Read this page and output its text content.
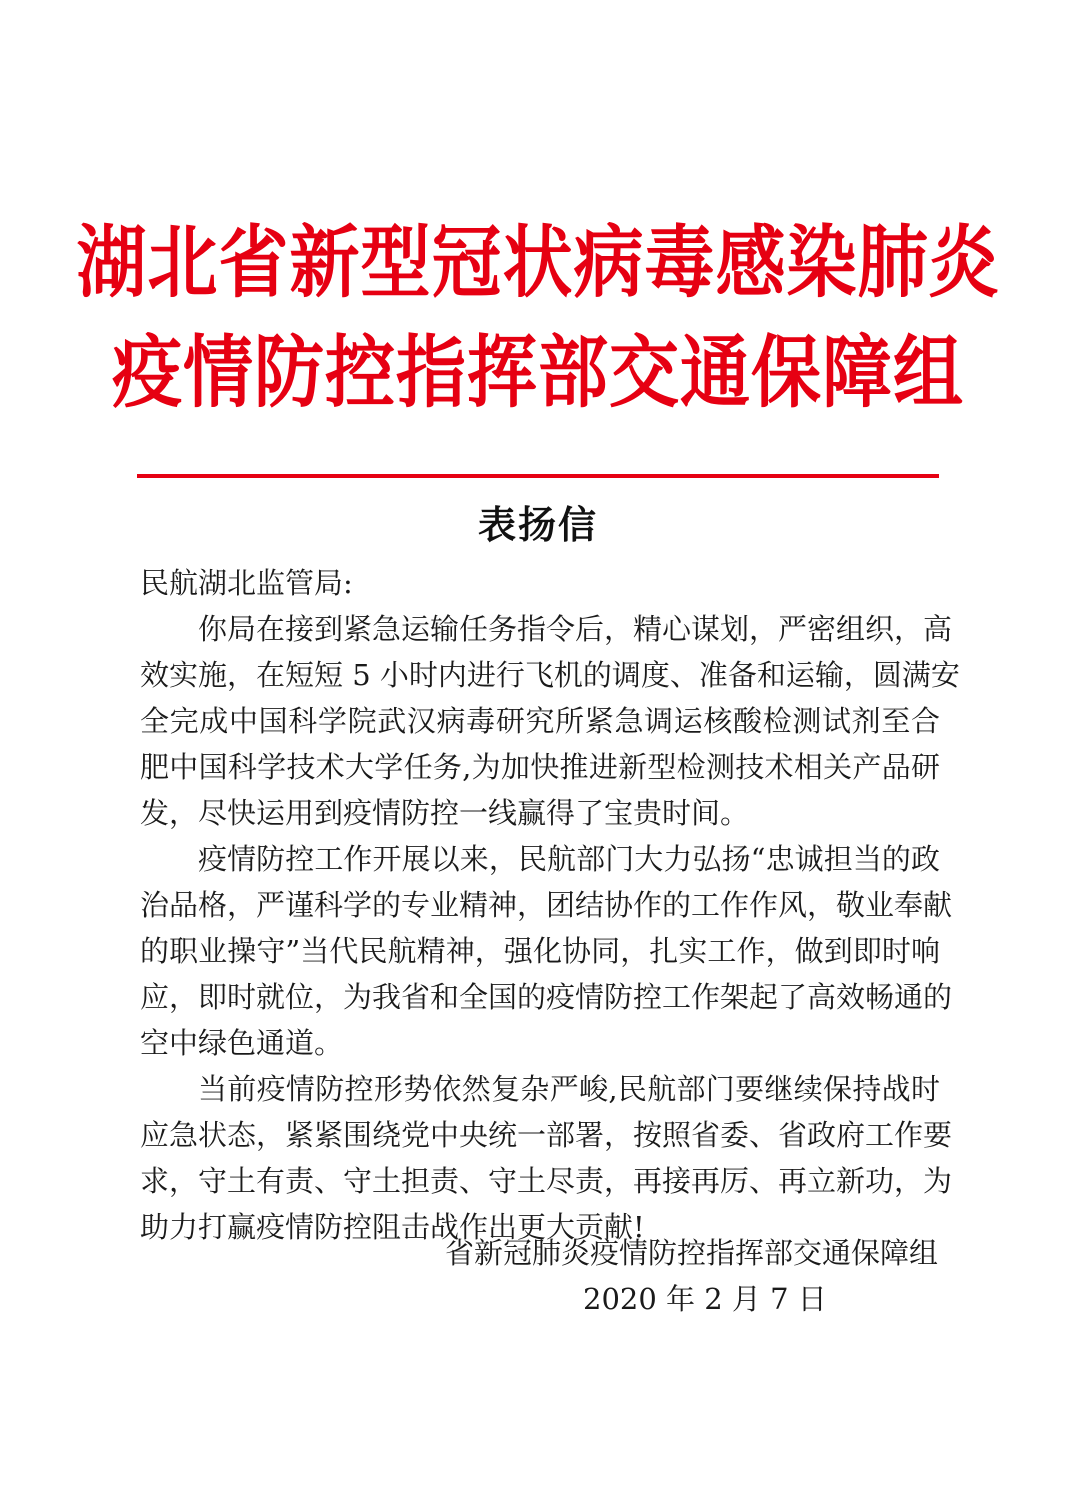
湖北省新型冠状病毒感染肺炎
疫情防控指挥部交通保障组
表扬信
民航湖北监管局:
你局在接到紧急运输任务指令后，精心谋划，严密组织，高
效实施，在短短 5 小时内进行飞机的调度、准备和运输，圆满安
全完成中国科学院武汉病毒研究所紧急调运核酸检测试剂至合
肥中国科学技术大学任务,为加快推进新型检测技术相关产品研
发，尽快运用到疫情防控一线赢得了宝贵时间。
疫情防控工作开展以来，民航部门大力弘扬“忠诚担当的政
治品格，严谨科学的专业精神，团结协作的工作作风，敬业奉献
的职业操守”当代民航精神，强化协同，扎实工作，做到即时响
应，即时就位，为我省和全国的疫情防控工作架起了高效畅通的
空中绿色通道。
当前疫情防控形势依然复杂严峻,民航部门要继续保持战时
应急状态，紧紧围绕党中央统一部署，按照省委、省政府工作要
求，守土有责、守土担责、守土尽责，再接再厉、再立新功，为
助力打赢疫情防控阻击战作出更大贡献!
省新冠肺炎疫情防控指挥部交通保障组
2020 年 2 月 7 日
